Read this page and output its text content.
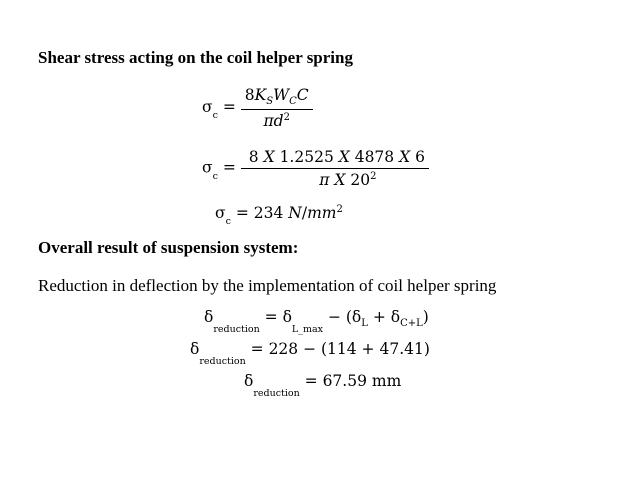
Shear stress acting on the coil helper spring
$\sigma_c = \frac{8K_SW_CC}{\pi d^2}$
$\sigma_c = \frac{8 X 1.2525 X 4878 X 6}{\pi X 20^2}$
$\sigma_c = 234$ $N/mm^2$
Overall result of suspension system:
Reduction in deflection by the implementation of coil helper spring
$\delta_{reduction} = \delta_{L\_max} - (\delta_L + \delta_{C+L})$
$\delta_{reduction} = 228 - (114 + 47.41)$
$\delta_{reduction} = 67.59$ mm
